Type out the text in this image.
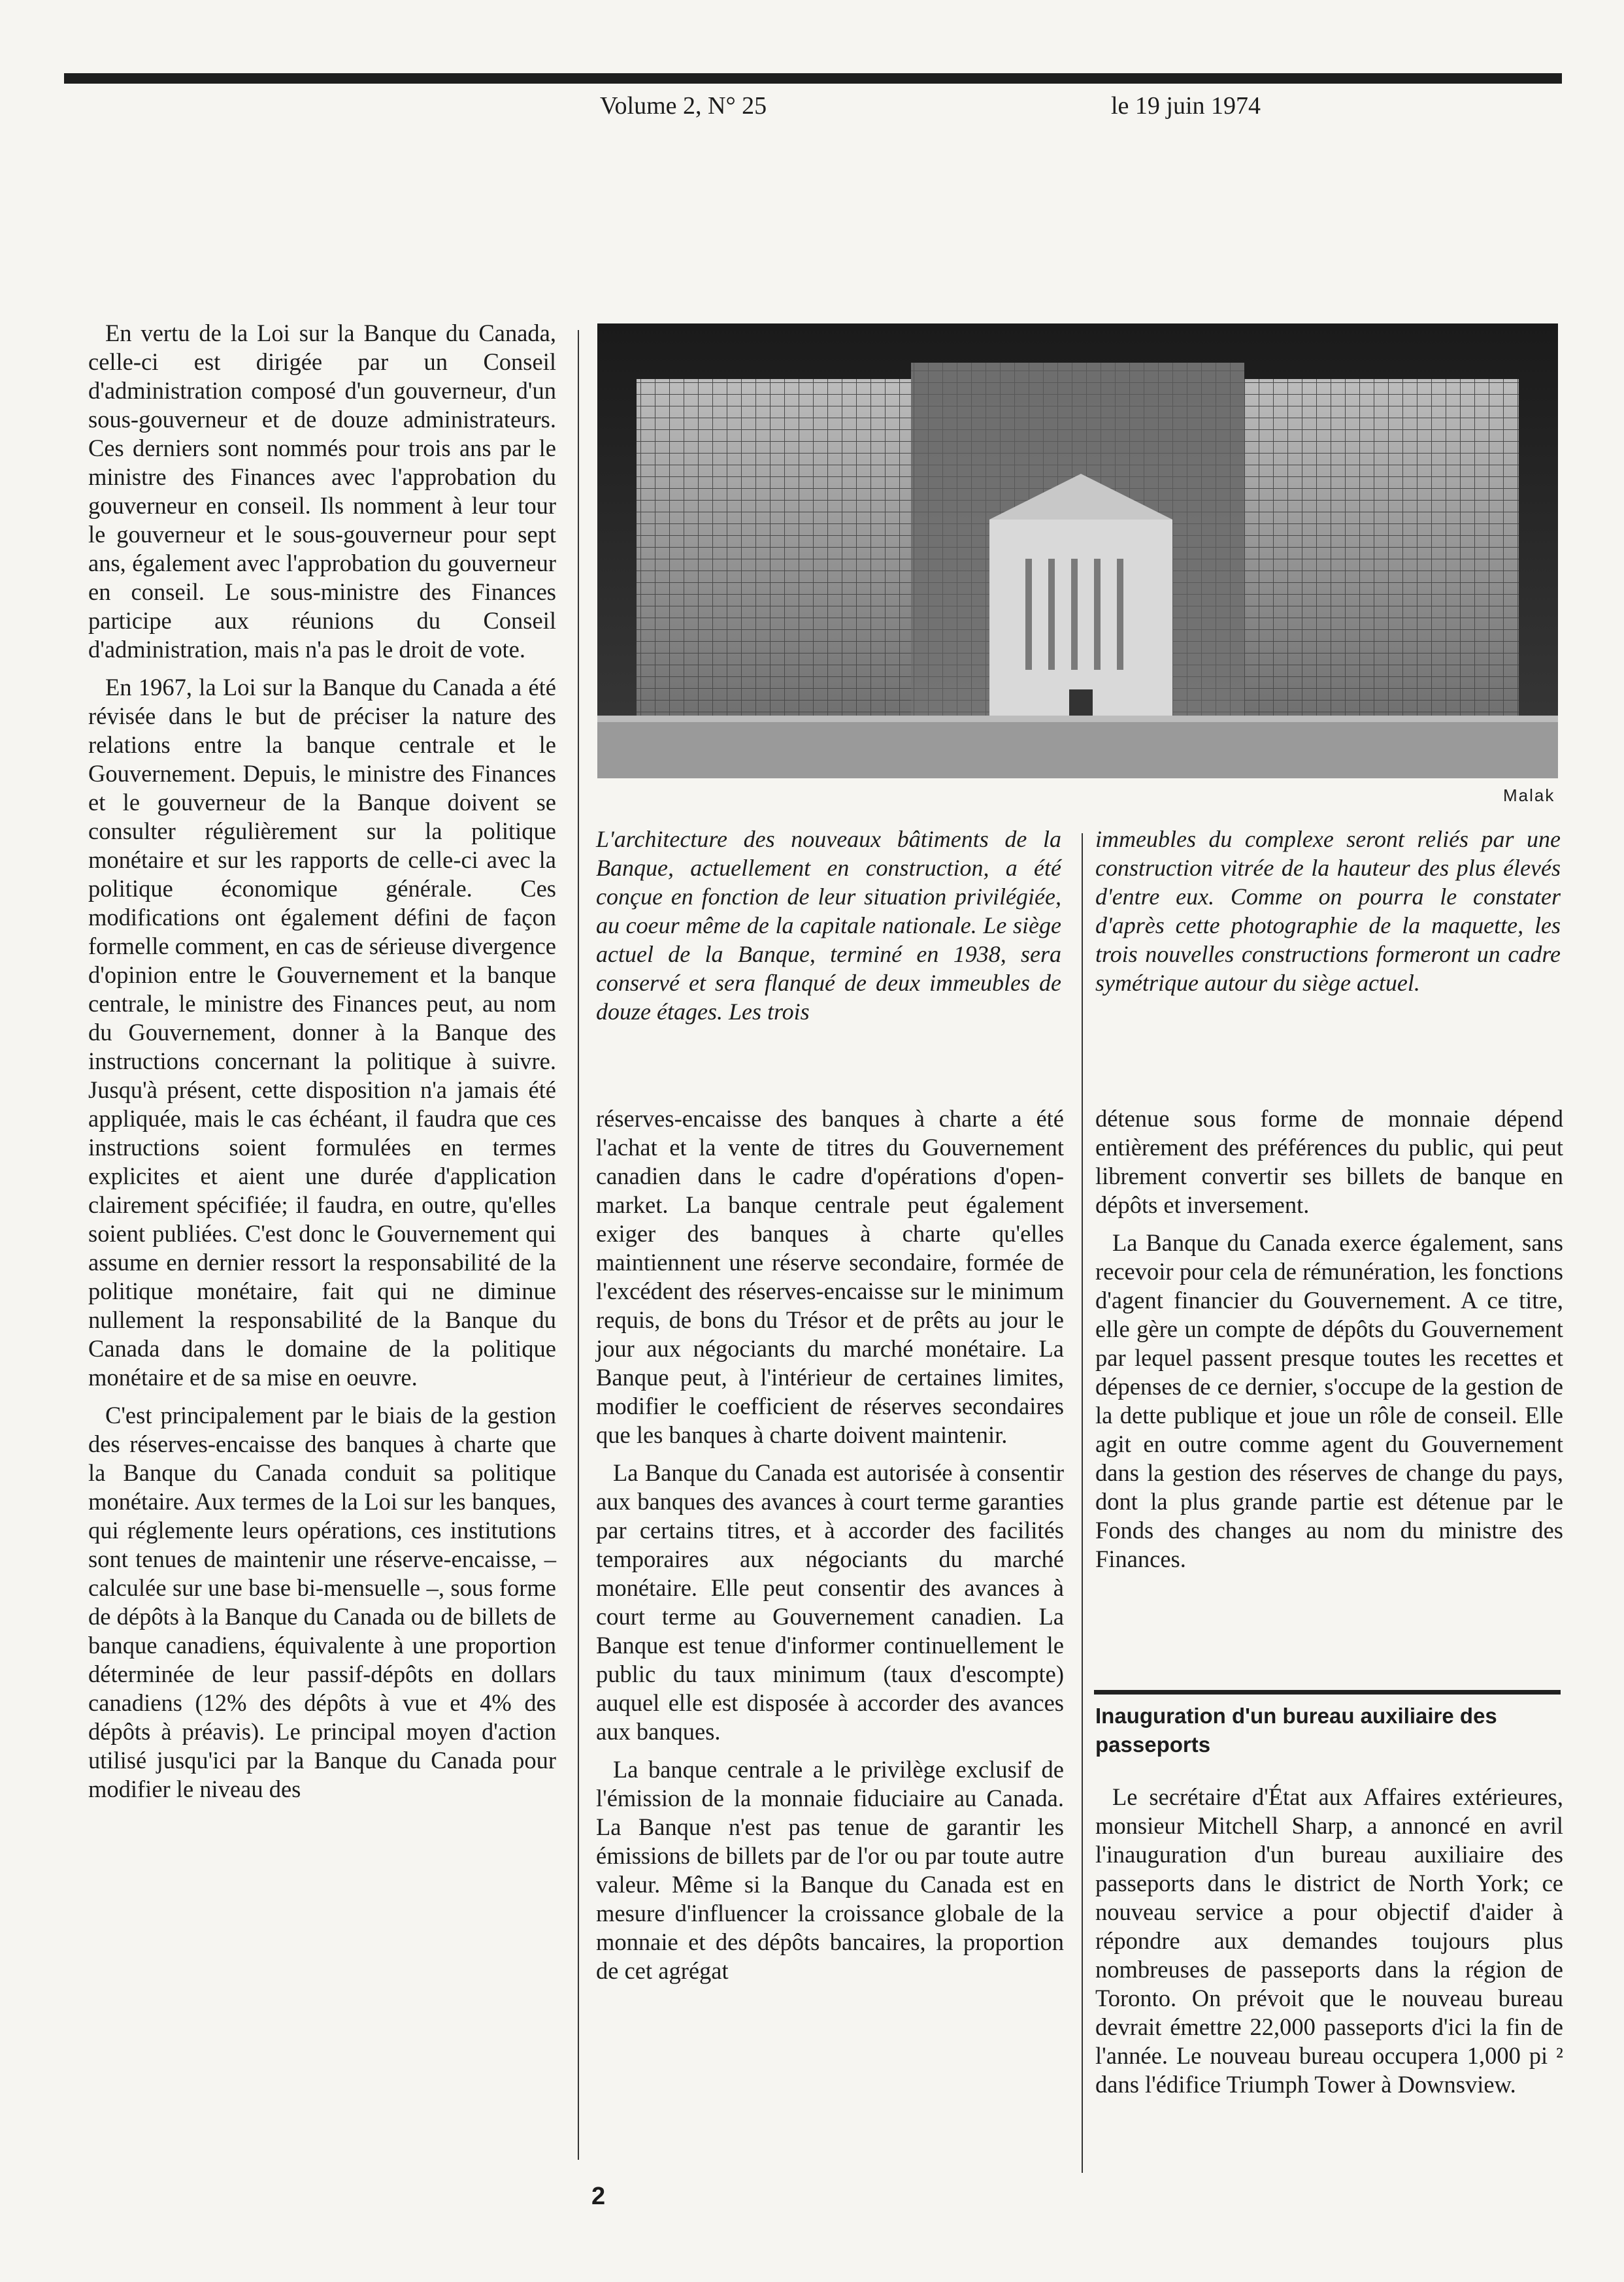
Volume 2, N° 25	le 19 juin 1974

En vertu de la Loi sur la Banque du Canada, celle-ci est dirigée par un Conseil d'administration composé d'un gouverneur, d'un sous-gouverneur et de douze administrateurs. Ces derniers sont nommés pour trois ans par le ministre des Finances avec l'approbation du gouverneur en conseil. Ils nomment à leur tour le gouverneur et le sous-gouverneur pour sept ans, également avec l'approbation du gouverneur en conseil. Le sous-ministre des Finances participe aux réunions du Conseil d'administration, mais n'a pas le droit de vote.

En 1967, la Loi sur la Banque du Canada a été révisée dans le but de préciser la nature des relations entre la banque centrale et le Gouvernement. Depuis, le ministre des Finances et le gouverneur de la Banque doivent se consulter régulièrement sur la politique monétaire et sur les rapports de celle-ci avec la politique économique générale. Ces modifications ont également défini de façon formelle comment, en cas de sérieuse divergence d'opinion entre le Gouvernement et la banque centrale, le ministre des Finances peut, au nom du Gouvernement, donner à la Banque des instructions concernant la politique à suivre. Jusqu'à présent, cette disposition n'a jamais été appliquée, mais le cas échéant, il faudra que ces instructions soient formulées en termes explicites et aient une durée d'application clairement spécifiée; il faudra, en outre, qu'elles soient publiées. C'est donc le Gouvernement qui assume en dernier ressort la responsabilité de la politique monétaire, fait qui ne diminue nullement la responsabilité de la Banque du Canada dans le domaine de la politique monétaire et de sa mise en oeuvre.

C'est principalement par le biais de la gestion des réserves-encaisse des banques à charte que la Banque du Canada conduit sa politique monétaire. Aux termes de la Loi sur les banques, qui réglemente leurs opérations, ces institutions sont tenues de maintenir une réserve-encaisse, – calculée sur une base bi-mensuelle –, sous forme de dépôts à la Banque du Canada ou de billets de banque canadiens, équivalente à une proportion déterminée de leur passif-dépôts en dollars canadiens (12% des dépôts à vue et 4% des dépôts à préavis). Le principal moyen d'action utilisé jusqu'ici par la Banque du Canada pour modifier le niveau des

Malak
L'architecture des nouveaux bâtiments de la Banque, actuellement en construction, a été conçue en fonction de leur situation privilégiée, au coeur même de la capitale nationale. Le siège actuel de la Banque, terminé en 1938, sera conservé et sera flanqué de deux immeubles de douze étages. Les trois
immeubles du complexe seront reliés par une construction vitrée de la hauteur des plus élevés d'entre eux. Comme on pourra le constater d'après cette photographie de la maquette, les trois nouvelles constructions formeront un cadre symétrique autour du siège actuel.

réserves-encaisse des banques à charte a été l'achat et la vente de titres du Gouvernement canadien dans le cadre d'opérations d'open-market. La banque centrale peut également exiger des banques à charte qu'elles maintiennent une réserve secondaire, formée de l'excédent des réserves-encaisse sur le minimum requis, de bons du Trésor et de prêts au jour le jour aux négociants du marché monétaire. La Banque peut, à l'intérieur de certaines limites, modifier le coefficient de réserves secondaires que les banques à charte doivent maintenir.

La Banque du Canada est autorisée à consentir aux banques des avances à court terme garanties par certains titres, et à accorder des facilités temporaires aux négociants du marché monétaire. Elle peut consentir des avances à court terme au Gouvernement canadien. La Banque est tenue d'informer continuellement le public du taux minimum (taux d'escompte) auquel elle est disposée à accorder des avances aux banques.

La banque centrale a le privilège exclusif de l'émission de la monnaie fiduciaire au Canada. La Banque n'est pas tenue de garantir les émissions de billets par de l'or ou par toute autre valeur. Même si la Banque du Canada est en mesure d'influencer la croissance globale de la monnaie et des dépôts bancaires, la proportion de cet agrégat

détenue sous forme de monnaie dépend entièrement des préférences du public, qui peut librement convertir ses billets de banque en dépôts et inversement.

La Banque du Canada exerce également, sans recevoir pour cela de rémunération, les fonctions d'agent financier du Gouvernement. A ce titre, elle gère un compte de dépôts du Gouvernement par lequel passent presque toutes les recettes et dépenses de ce dernier, s'occupe de la gestion de la dette publique et joue un rôle de conseil. Elle agit en outre comme agent du Gouvernement dans la gestion des réserves de change du pays, dont la plus grande partie est détenue par le Fonds des changes au nom du ministre des Finances.

Inauguration d'un bureau auxiliaire des passeports

Le secrétaire d'État aux Affaires extérieures, monsieur Mitchell Sharp, a annoncé en avril l'inauguration d'un bureau auxiliaire des passeports dans le district de North York; ce nouveau service a pour objectif d'aider à répondre aux demandes toujours plus nombreuses de passeports dans la région de Toronto. On prévoit que le nouveau bureau devrait émettre 22,000 passeports d'ici la fin de l'année. Le nouveau bureau occupera 1,000 pi ² dans l'édifice Triumph Tower à Downsview.

2
